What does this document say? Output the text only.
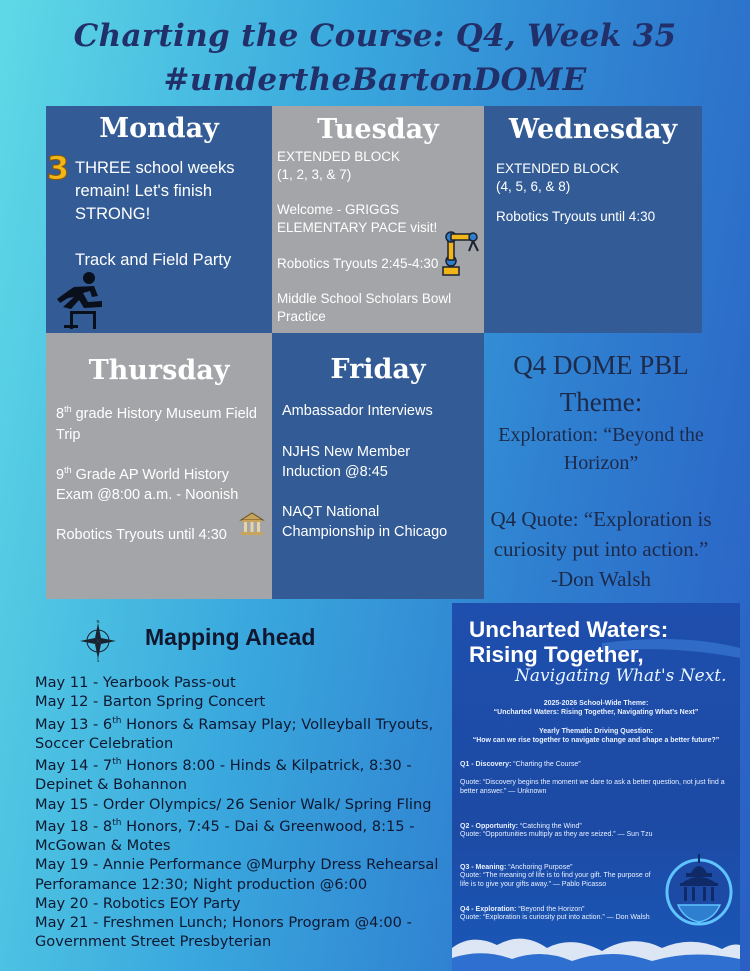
Charting the Course: Q4, Week 35
#undertheBartonDOME
Monday
3 THREE school weeks
remain! Let's finish
STRONG!
Track and Field Party
Tuesday
EXTENDED BLOCK
(1, 2, 3, & 7)
Welcome - GRIGGS
ELEMENTARY PACE visit!
Robotics Tryouts 2:45-4:30
Middle School Scholars Bowl
Practice
Wednesday
EXTENDED BLOCK
(4, 5, 6, & 8)
Robotics Tryouts until 4:30
Thursday
8th grade History Museum Field
Trip
9th Grade AP World History
Exam @8:00 a.m. - Noonish
Robotics Tryouts until 4:30
Friday
Ambassador Interviews
NJHS New Member
Induction @8:45
NAQT National
Championship in Chicago
Q4 DOME PBL
Theme:
Exploration: “Beyond the
Horizon”
Q4 Quote: “Exploration is
curiosity put into action.”
-Don Walsh
N
S
Mapping Ahead
May 11 - Yearbook Pass-out
May 12 - Barton Spring Concert
May 13 - 6th Honors & Ramsay Play; Volleyball Tryouts,
Soccer Celebration
May 14 - 7th Honors 8:00 - Hinds & Kilpatrick, 8:30 -
Depinet & Bohannon
May 15 - Order Olympics/ 26 Senior Walk/ Spring Fling
May 18 - 8th Honors, 7:45 - Dai & Greenwood, 8:15 -
McGowan & Motes
May 19 - Annie Performance @Murphy Dress Rehearsal
Perforamance 12:30; Night production @6:00
May 20 - Robotics EOY Party
May 21 - Freshmen Lunch; Honors Program @4:00 -
Government Street Presbyterian
Uncharted Waters:
Rising Together,
Navigating What's Next.
2025-2026 School-Wide Theme:
“Uncharted Waters: Rising Together, Navigating What’s Next”
Yearly Thematic Driving Question:
“How can we rise together to navigate change and shape a better future?”
Q1 - Discovery: “Charting the Course”
Quote: “Discovery begins the moment we dare to ask a better question, not just find a better answer.” — Unknown
Q2 - Opportunity: “Catching the Wind”
Quote: “Opportunities multiply as they are seized.” — Sun Tzu
Q3 - Meaning: “Anchoring Purpose”
Quote: “The meaning of life is to find your gift. The purpose of life is to give your gifts away.” — Pablo Picasso
Q4 - Exploration: “Beyond the Horizon”
Quote: “Exploration is curiosity put into action.” — Don Walsh
